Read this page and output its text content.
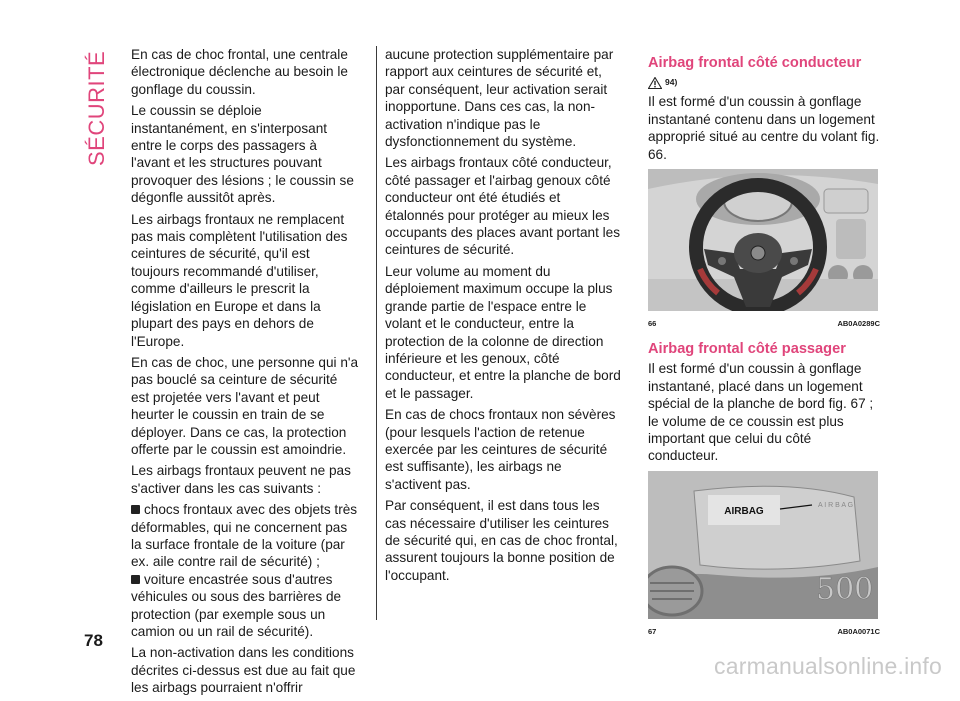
SÉCURITÉ En cas de choc frontal, une centrale électronique déclenche au besoin le gonflage du coussin.

Le coussin se déploie instantanément, en s'interposant entre le corps des passagers à l'avant et les structures pouvant provoquer des lésions ; le coussin se dégonfle aussitôt après.

Les airbags frontaux ne remplacent pas mais complètent l'utilisation des ceintures de sécurité, qu'il est toujours recommandé d'utiliser, comme d'ailleurs le prescrit la législation en Europe et dans la plupart des pays en dehors de l'Europe.

En cas de choc, une personne qui n'a pas bouclé sa ceinture de sécurité est projetée vers l'avant et peut heurter le coussin en train de se déployer. Dans ce cas, la protection offerte par le coussin est amoindrie.

Les airbags frontaux peuvent ne pas s'activer dans les cas suivants :

chocs frontaux avec des objets très déformables, qui ne concernent pas la surface frontale de la voiture (par ex. aile contre rail de sécurité) ;

voiture encastrée sous d'autres véhicules ou sous des barrières de protection (par exemple sous un camion ou un rail de sécurité).

La non-activation dans les conditions décrites ci-dessus est due au fait que les airbags pourraient n'offrir

aucune protection supplémentaire par rapport aux ceintures de sécurité et, par conséquent, leur activation serait inopportune. Dans ces cas, la non-activation n'indique pas le dysfonctionnement du système.

Les airbags frontaux côté conducteur, côté passager et l'airbag genoux côté conducteur ont été étudiés et étalonnés pour protéger au mieux les occupants des places avant portant les ceintures de sécurité.

Leur volume au moment du déploiement maximum occupe la plus grande partie de l'espace entre le volant et le conducteur, entre la protection de la colonne de direction inférieure et les genoux, côté conducteur, et entre la planche de bord et le passager.

En cas de chocs frontaux non sévères (pour lesquels l'action de retenue exercée par les ceintures de sécurité est suffisante), les airbags ne s'activent pas.

Par conséquent, il est dans tous les cas nécessaire d'utiliser les ceintures de sécurité qui, en cas de choc frontal, assurent toujours la bonne position de l'occupant.

Airbag frontal côté conducteur
94)

Il est formé d'un coussin à gonflage instantané contenu dans un logement approprié situé au centre du volant fig. 66.

66	AB0A0289C
Airbag frontal côté passager

Il est formé d'un coussin à gonflage instantané, placé dans un logement spécial de la planche de bord fig. 67 ; le volume de ce coussin est plus important que celui du côté conducteur.

AIRBAG
A I R B A G
500
67	AB0A0071C
78
carmanualsonline.info
